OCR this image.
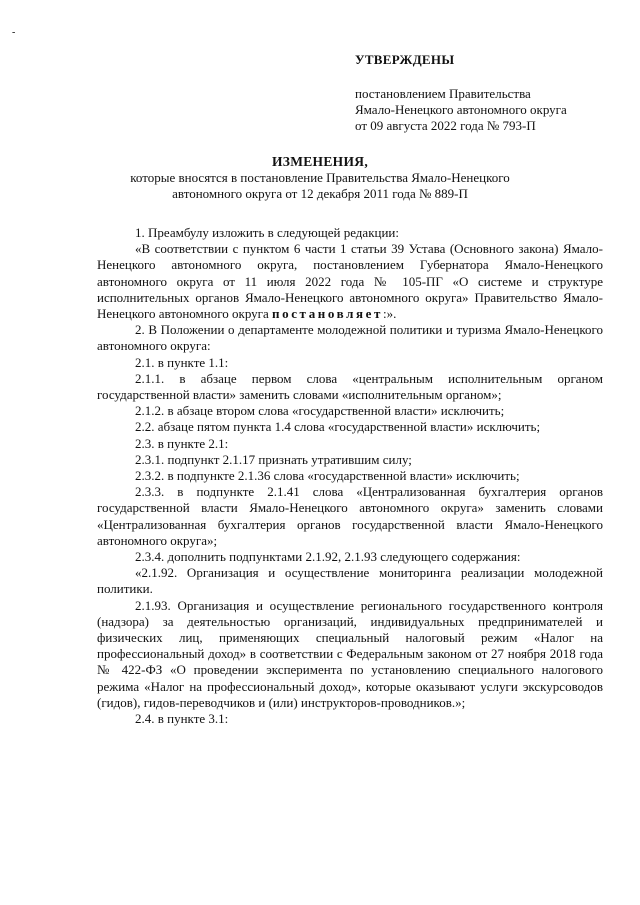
-
УТВЕРЖДЕНЫ
постановлением Правительства
Ямало-Ненецкого автономного округа
от 09 августа 2022 года № 793-П
ИЗМЕНЕНИЯ,
которые вносятся в постановление Правительства Ямало-Ненецкого
автономного округа от 12 декабря 2011 года № 889-П

1. Преамбулу изложить в следующей редакции:

«В соответствии с пунктом 6 части 1 статьи 39 Устава (Основного закона) Ямало-Ненецкого автономного округа, постановлением Губернатора Ямало-Ненецкого автономного округа от 11 июля 2022 года № 105-ПГ «О системе и структуре исполнительных органов Ямало-Ненецкого автономного округа» Правительство Ямало-Ненецкого автономного округа постановляет:».

2. В Положении о департаменте молодежной политики и туризма Ямало-Ненецкого автономного округа:

2.1. в пункте 1.1:

2.1.1. в абзаце первом слова «центральным исполнительным органом государственной власти» заменить словами «исполнительным органом»;

2.1.2. в абзаце втором слова «государственной власти» исключить;

2.2. абзаце пятом пункта 1.4 слова «государственной власти» исключить;

2.3. в пункте 2.1:

2.3.1. подпункт 2.1.17 признать утратившим силу;

2.3.2. в подпункте 2.1.36 слова «государственной власти» исключить;

2.3.3. в подпункте 2.1.41 слова «Централизованная бухгалтерия органов государственной власти Ямало-Ненецкого автономного округа» заменить словами «Централизованная бухгалтерия органов государственной власти Ямало-Ненецкого автономного округа»;

2.3.4. дополнить подпунктами 2.1.92, 2.1.93 следующего содержания:

«2.1.92. Организация и осуществление мониторинга реализации молодежной политики.

2.1.93. Организация и осуществление регионального государственного контроля (надзора) за деятельностью организаций, индивидуальных предпринимателей и физических лиц, применяющих специальный налоговый режим «Налог на профессиональный доход» в соответствии с Федеральным законом от 27 ноября 2018 года № 422-ФЗ «О проведении эксперимента по установлению специального налогового режима «Налог на профессиональный доход», которые оказывают услуги экскурсоводов (гидов), гидов-переводчиков и (или) инструкторов-проводников.»;

2.4. в пункте 3.1:
